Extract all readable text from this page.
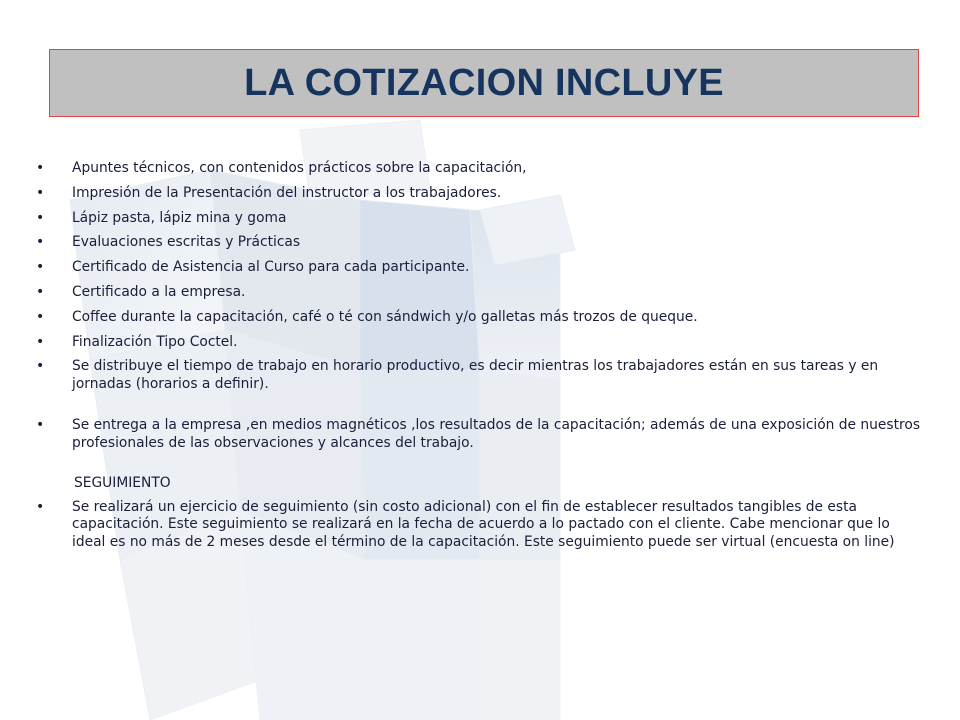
LA COTIZACION INCLUYE
• Apuntes técnicos, con contenidos prácticos sobre la capacitación,
• Impresión de la Presentación del instructor a los trabajadores.
• Lápiz pasta, lápiz mina y goma
• Evaluaciones escritas y Prácticas
• Certificado de Asistencia al Curso para cada participante.
• Certificado a la empresa.
• Coffee durante la capacitación, café o té con sándwich y/o galletas más trozos de queque.
• Finalización Tipo Coctel.
• Se distribuye el tiempo de trabajo en horario productivo, es decir mientras los trabajadores están en sus tareas y en jornadas (horarios a definir).
• Se entrega a la empresa ,en medios magnéticos ,los resultados de la capacitación; además de una exposición de nuestros profesionales de las observaciones y alcances del trabajo.
SEGUIMIENTO
• Se realizará un ejercicio de seguimiento (sin costo adicional) con el fin de establecer resultados tangibles de esta capacitación. Este seguimiento se realizará en la fecha de acuerdo a lo pactado con el cliente. Cabe mencionar que lo ideal es no más de 2 meses desde el término de la capacitación. Este seguimiento puede ser virtual (encuesta on line)
